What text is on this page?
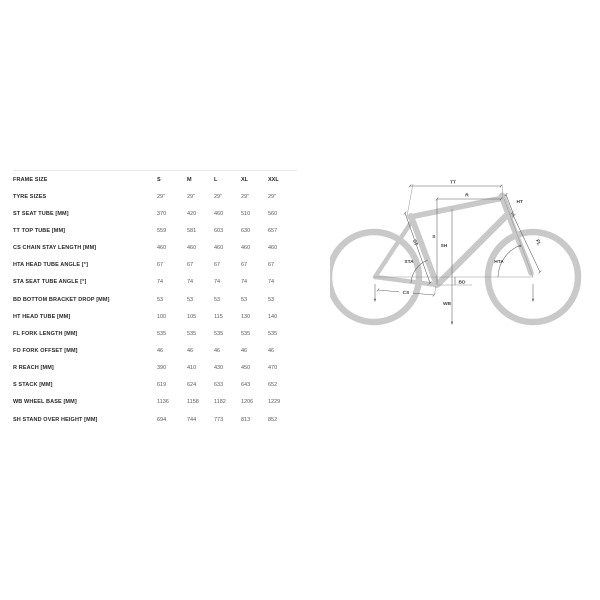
FRAME SIZE	S	M	L	XL	XXL
TYRE SIZES	29"	29"	29"	29"	29"
ST SEAT TUBE [MM]	370	420	460	510	560
TT TOP TUBE [MM]	559	581	603	630	657
CS CHAIN STAY LENGTH [MM]	460	460	460	460	460
HTA HEAD TUBE ANGLE [°]	67	67	67	67	67
STA SEAT TUBE ANGLE [°]	74	74	74	74	74
BD BOTTOM BRACKET DROP [MM]	53	53	53	53	53
HT HEAD TUBE [MM]	100	105	115	130	140
FL FORK LENGTH [MM]	535	535	535	535	535
FO FORK OFFSET [MM]	46	46	46	46	46
R REACH [MM]	390	410	430	450	470
S STACK [MM]	619	624	633	643	652
WB WHEEL BASE [MM]	1136	1158	1182	1206	1229
SH STAND OVER HEIGHT [MM]	694	744	773	813	852
TT
R
HT
ST
S
SH
STA	HTA
FL
BD
CS
WB
